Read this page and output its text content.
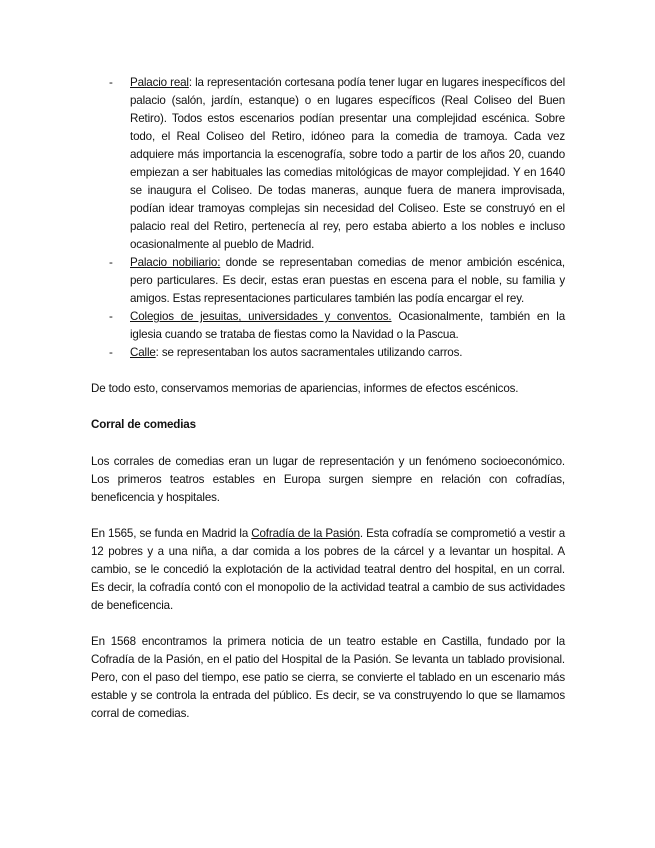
- Palacio real: la representación cortesana podía tener lugar en lugares inespecíficos del palacio (salón, jardín, estanque) o en lugares específicos (Real Coliseo del Buen Retiro). Todos estos escenarios podían presentar una complejidad escénica. Sobre todo, el Real Coliseo del Retiro, idóneo para la comedia de tramoya. Cada vez adquiere más importancia la escenografía, sobre todo a partir de los años 20, cuando empiezan a ser habituales las comedias mitológicas de mayor complejidad. Y en 1640 se inaugura el Coliseo. De todas maneras, aunque fuera de manera improvisada, podían idear tramoyas complejas sin necesidad del Coliseo. Este se construyó en el palacio real del Retiro, pertenecía al rey, pero estaba abierto a los nobles e incluso ocasionalmente al pueblo de Madrid.
- Palacio nobiliario: donde se representaban comedias de menor ambición escénica, pero particulares. Es decir, estas eran puestas en escena para el noble, su familia y amigos. Estas representaciones particulares también las podía encargar el rey.
- Colegios de jesuitas, universidades y conventos. Ocasionalmente, también en la iglesia cuando se trataba de fiestas como la Navidad o la Pascua.
- Calle: se representaban los autos sacramentales utilizando carros.

De todo esto, conservamos memorias de apariencias, informes de efectos escénicos.

Corral de comedias

Los corrales de comedias eran un lugar de representación y un fenómeno socioeconómico. Los primeros teatros estables en Europa surgen siempre en relación con cofradías, beneficencia y hospitales.

En 1565, se funda en Madrid la Cofradía de la Pasión. Esta cofradía se comprometió a vestir a 12 pobres y a una niña, a dar comida a los pobres de la cárcel y a levantar un hospital. A cambio, se le concedió la explotación de la actividad teatral dentro del hospital, en un corral. Es decir, la cofradía contó con el monopolio de la actividad teatral a cambio de sus actividades de beneficencia.

En 1568 encontramos la primera noticia de un teatro estable en Castilla, fundado por la Cofradía de la Pasión, en el patio del Hospital de la Pasión. Se levanta un tablado provisional. Pero, con el paso del tiempo, ese patio se cierra, se convierte el tablado en un escenario más estable y se controla la entrada del público. Es decir, se va construyendo lo que se llamamos corral de comedias.
